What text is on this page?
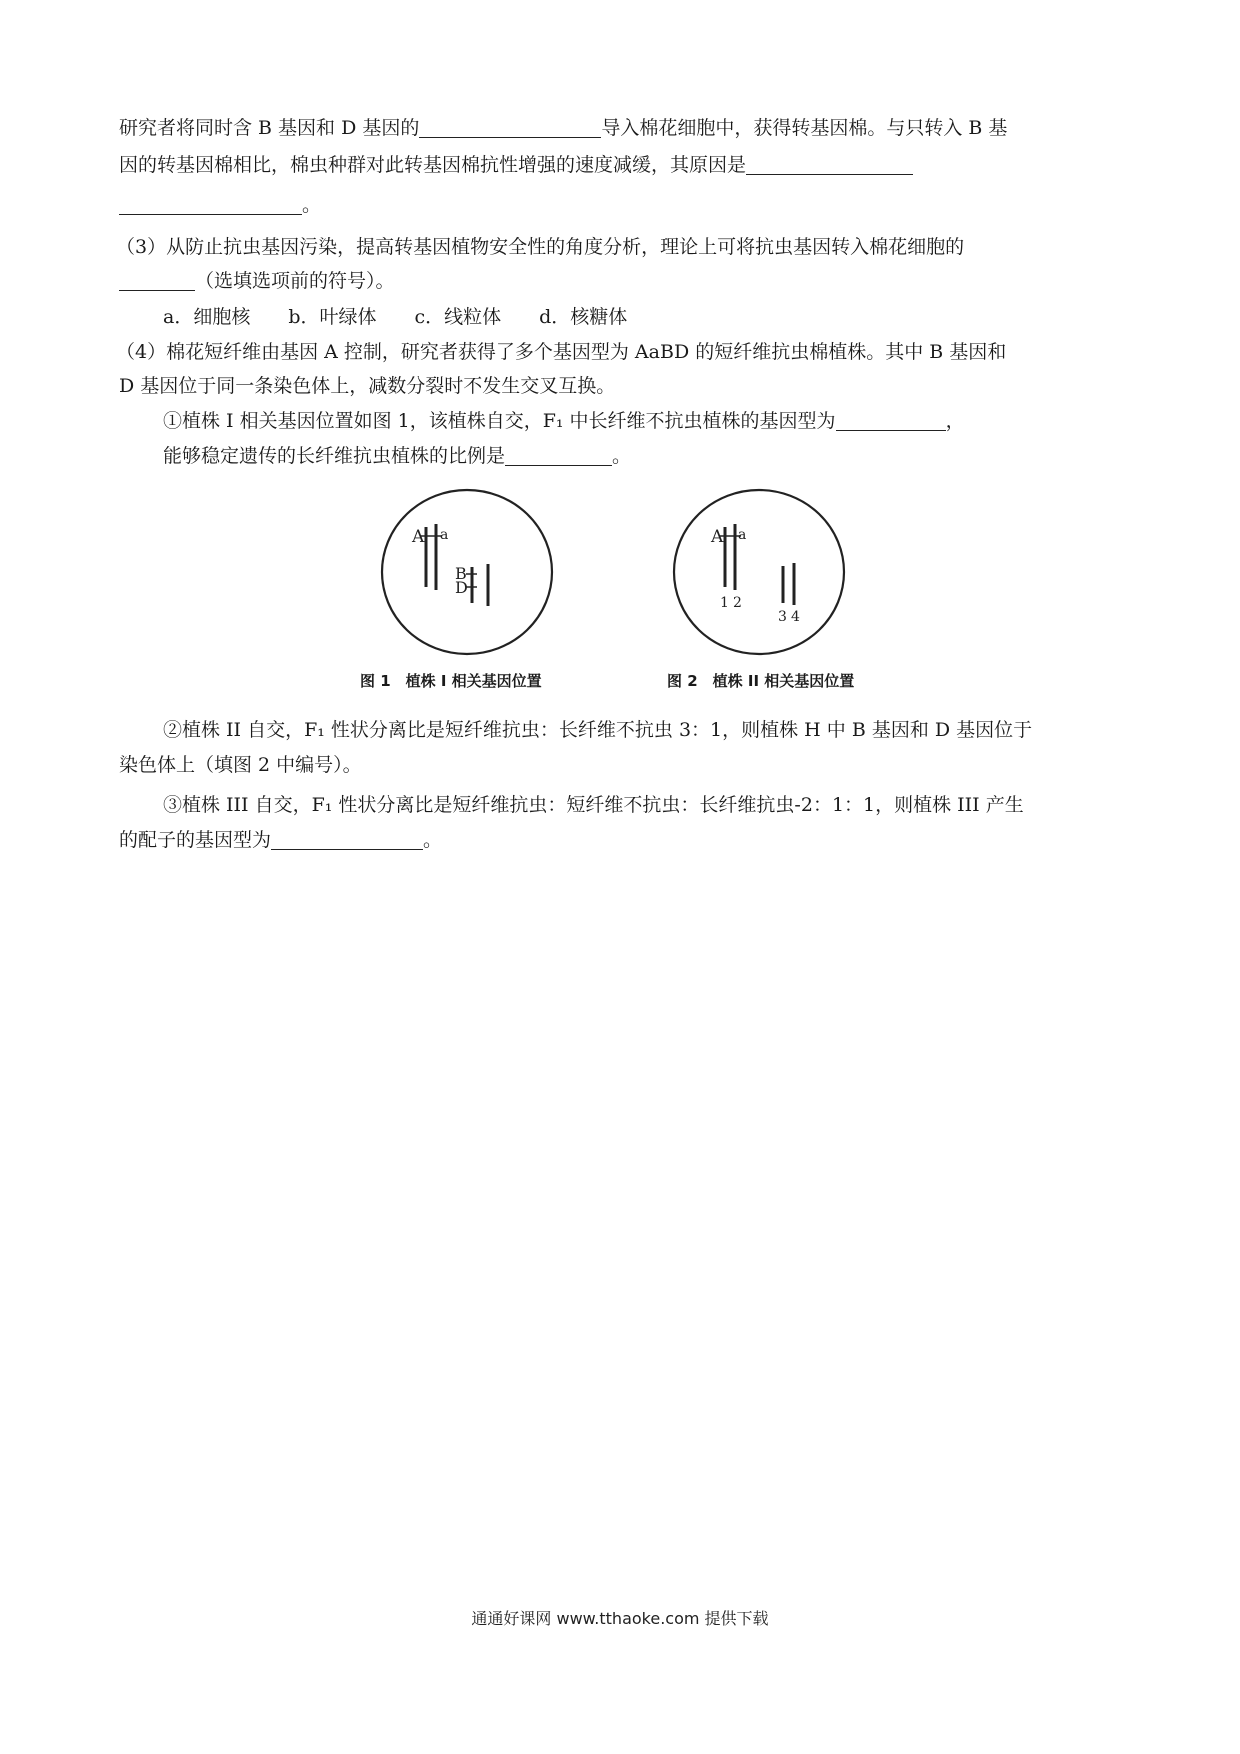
研究者将同时含 B 基因和 D 基因的	导入棉花细胞中，获得转基因棉。与只转入 B 基
因的转基因棉相比，棉虫种群对此转基因棉抗性增强的速度减缓，其原因是
。
（3）从防止抗虫基因污染，提高转基因植物安全性的角度分析，理论上可将抗虫基因转入棉花细胞的
（选填选项前的符号）。
a．细胞核　　b．叶绿体　　c．线粒体　　d．核糖体
（4）棉花短纤维由基因 A 控制，研究者获得了多个基因型为 AaBD 的短纤维抗虫棉植株。其中 B 基因和
D 基因位于同一条染色体上，减数分裂时不发生交叉互换。
①植株 I 相关基因位置如图 1，该植株自交，F₁ 中长纤维不抗虫植株的基因型为	，
能够稳定遗传的长纤维抗虫植株的比例是	。
A a
B
D
图 1　植株 I 相关基因位置
A a
1 2
3 4
图 2　植株 II 相关基因位置
②植株 II 自交，F₁ 性状分离比是短纤维抗虫：长纤维不抗虫 3：1，则植株 H 中 B 基因和 D 基因位于
染色体上（填图 2 中编号）。
③植株 III 自交，F₁ 性状分离比是短纤维抗虫：短纤维不抗虫：长纤维抗虫-2：1：1，则植株 III 产生
的配子的基因型为	。
通通好课网 www.tthaoke.com 提供下载
